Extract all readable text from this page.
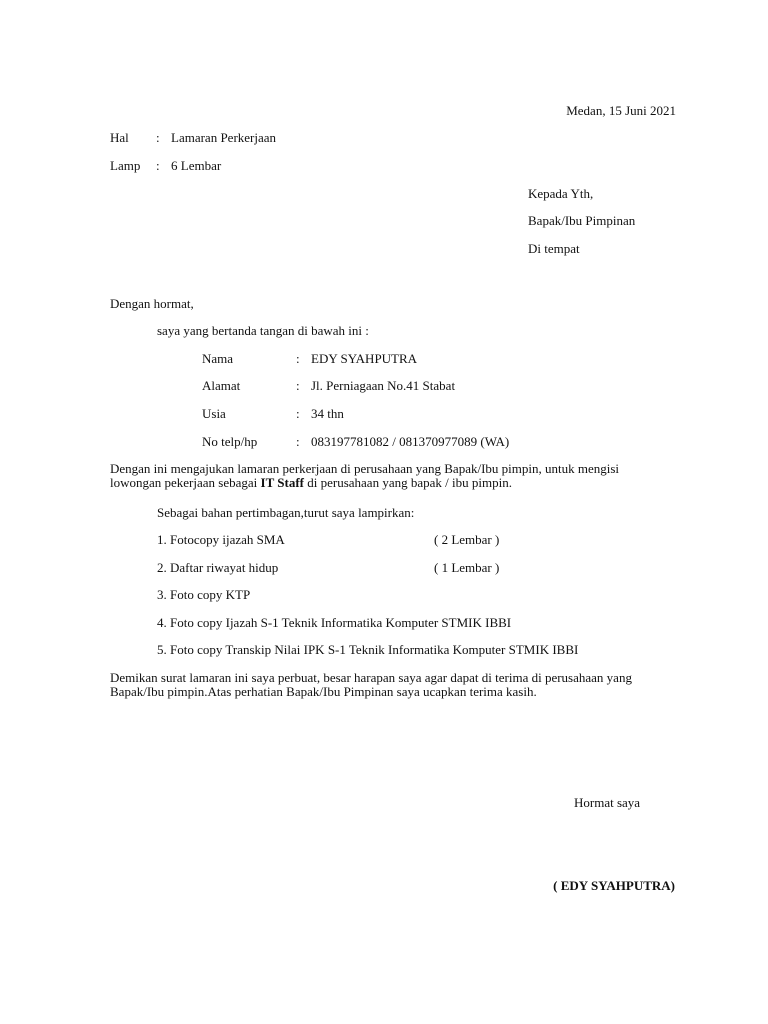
Medan, 15 Juni 2021
Hal : Lamaran Perkerjaan
Lamp : 6 Lembar
Kepada Yth,
Bapak/Ibu Pimpinan
Di tempat
Dengan hormat,
saya yang bertanda tangan di bawah ini :
Nama	: EDY SYAHPUTRA
Alamat	: Jl. Perniagaan No.41 Stabat
Usia	: 34 thn
No telp/hp	: 083197781082 / 081370977089 (WA)
Dengan ini mengajukan lamaran perkerjaan di perusahaan yang Bapak/Ibu pimpin, untuk mengisi lowongan pekerjaan sebagai IT Staff di perusahaan yang bapak / ibu pimpin.
Sebagai bahan pertimbagan,turut saya lampirkan:
1. Fotocopy ijazah SMA	( 2 Lembar )
2. Daftar riwayat hidup	( 1 Lembar )
3. Foto copy KTP
4. Foto copy Ijazah S-1 Teknik Informatika Komputer STMIK IBBI
5. Foto copy Transkip Nilai IPK S-1 Teknik Informatika Komputer STMIK IBBI
Demikan surat lamaran ini saya perbuat, besar harapan saya agar dapat di terima di perusahaan yang Bapak/Ibu pimpin.Atas perhatian Bapak/Ibu Pimpinan saya ucapkan terima kasih.
Hormat saya
( EDY SYAHPUTRA)
